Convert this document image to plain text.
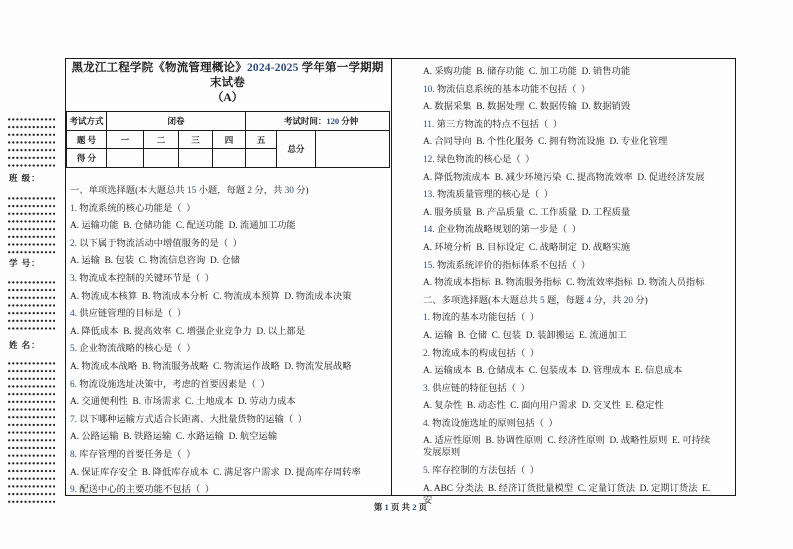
班 级：
学 号：
姓 名：
黑龙江工程学院《物流管理概论》2024-2025 学年第一学期期末试卷
（A）
考试方式	闭卷				考试时间：120 分钟		
题 号	一	二	三	四	五	总分	
得 分							
一、单项选择题(本大题总共 15 小题，每题 2 分，共 30 分)
1. 物流系统的核心功能是（  ）
A. 运输功能  B. 仓储功能  C. 配送功能  D. 流通加工功能
2. 以下属于物流活动中增值服务的是（  ）
A. 运输  B. 包装  C. 物流信息咨询  D. 仓储
3. 物流成本控制的关键环节是（  ）
A. 物流成本核算  B. 物流成本分析  C. 物流成本预算  D. 物流成本决策
4. 供应链管理的目标是（  ）
A. 降低成本  B. 提高效率  C. 增强企业竞争力  D. 以上都是
5. 企业物流战略的核心是（  ）
A. 物流成本战略  B. 物流服务战略  C. 物流运作战略  D. 物流发展战略
6. 物流设施选址决策中，考虑的首要因素是（  ）
A. 交通便利性  B. 市场需求  C. 土地成本  D. 劳动力成本
7. 以下哪种运输方式适合长距离、大批量货物的运输（  ）
A. 公路运输  B. 铁路运输  C. 水路运输  D. 航空运输
8. 库存管理的首要任务是（  ）
A. 保证库存安全  B. 降低库存成本  C. 满足客户需求  D. 提高库存周转率
9. 配送中心的主要功能不包括（  ）
A. 采购功能  B. 储存功能  C. 加工功能  D. 销售功能
10. 物流信息系统的基本功能不包括（  ）
A. 数据采集  B. 数据处理  C. 数据传输  D. 数据销毁
11. 第三方物流的特点不包括（  ）
A. 合同导向  B. 个性化服务  C. 拥有物流设施  D. 专业化管理
12. 绿色物流的核心是（  ）
A. 降低物流成本  B. 减少环境污染  C. 提高物流效率  D. 促进经济发展
13. 物流质量管理的核心是（  ）
A. 服务质量  B. 产品质量  C. 工作质量  D. 工程质量
14. 企业物流战略规划的第一步是（  ）
A. 环境分析  B. 目标设定  C. 战略制定  D. 战略实施
15. 物流系统评价的指标体系不包括（  ）
A. 物流成本指标  B. 物流服务指标  C. 物流效率指标  D. 物流人员指标
二、多项选择题(本大题总共 5 题，每题 4 分，共 20 分)
1. 物流的基本功能包括（  ）
A. 运输  B. 仓储  C. 包装  D. 装卸搬运  E. 流通加工
2. 物流成本的构成包括（  ）
A. 运输成本  B. 仓储成本  C. 包装成本  D. 管理成本  E. 信息成本
3. 供应链的特征包括（  ）
A. 复杂性  B. 动态性  C. 面向用户需求  D. 交叉性  E. 稳定性
4. 物流设施选址的原则包括（  ）
A. 适应性原则  B. 协调性原则  C. 经济性原则  D. 战略性原则  E. 可持续发展原则
5. 库存控制的方法包括（  ）
A. ABC 分类法  B. 经济订货批量模型  C. 定量订货法  D. 定期订货法  E. 安
第 1 页 共 2 页
